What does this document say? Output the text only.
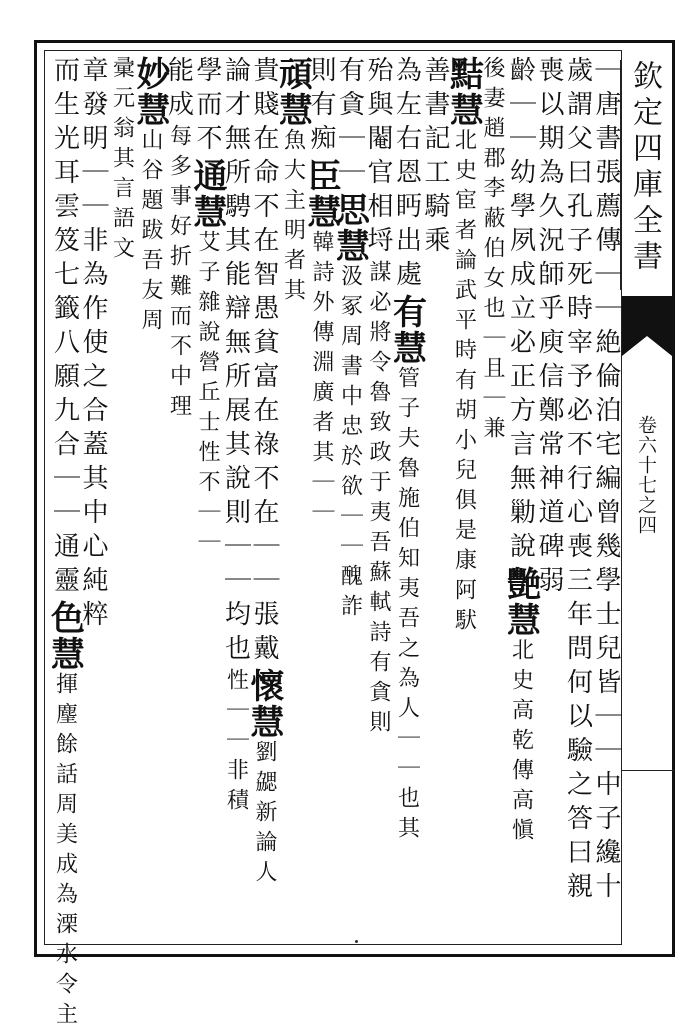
欽定四庫全書
卷六十七之四
｜唐書張薦傳｜｜絶倫泊宅編曾幾學士兒皆｜｜中子纔十
歲謂父曰孔子死時宰予必不行心喪三年問何以驗之答曰親
喪以期為久況師乎庾信鄭常神道碑弱
齡｜｜幼學夙成立必正方言無勦說艷慧北史高乾傳高愼
後妻趙郡李蔽伯女也｜且｜兼
黠慧北史宦者論武平時有胡小兒俱是康阿䭾
善書記工騎乘
為左右恩眄出處有慧管子夫魯施伯知夷吾之為人｜｜也其
殆與閹官相埒謀必將令魯致政于夷吾蘇軾詩有貪則
有貪｜｜思慧汲冢周書中忠於欲｜｜醜詐
則有痴臣慧韓詩外傳淵廣者其｜｜
頑慧魚大主明者其
貴賤在命不在智愚貧富在祿不在｜｜張戴懷慧劉勰新論人
論才無所騁其能辯無所展其說則｜｜均也性｜｜非積
學而不通慧艾子雜說營丘士性不｜｜
能成每多事好折難而不中理
妙慧山谷題跋吾友周
彚元翁其言語文
章發明｜｜非為作使之合蓋其中心純粹
而生光耳雲笈七籤八願九合｜｜通靈色慧揮麈餘話周美成為溧水令主
